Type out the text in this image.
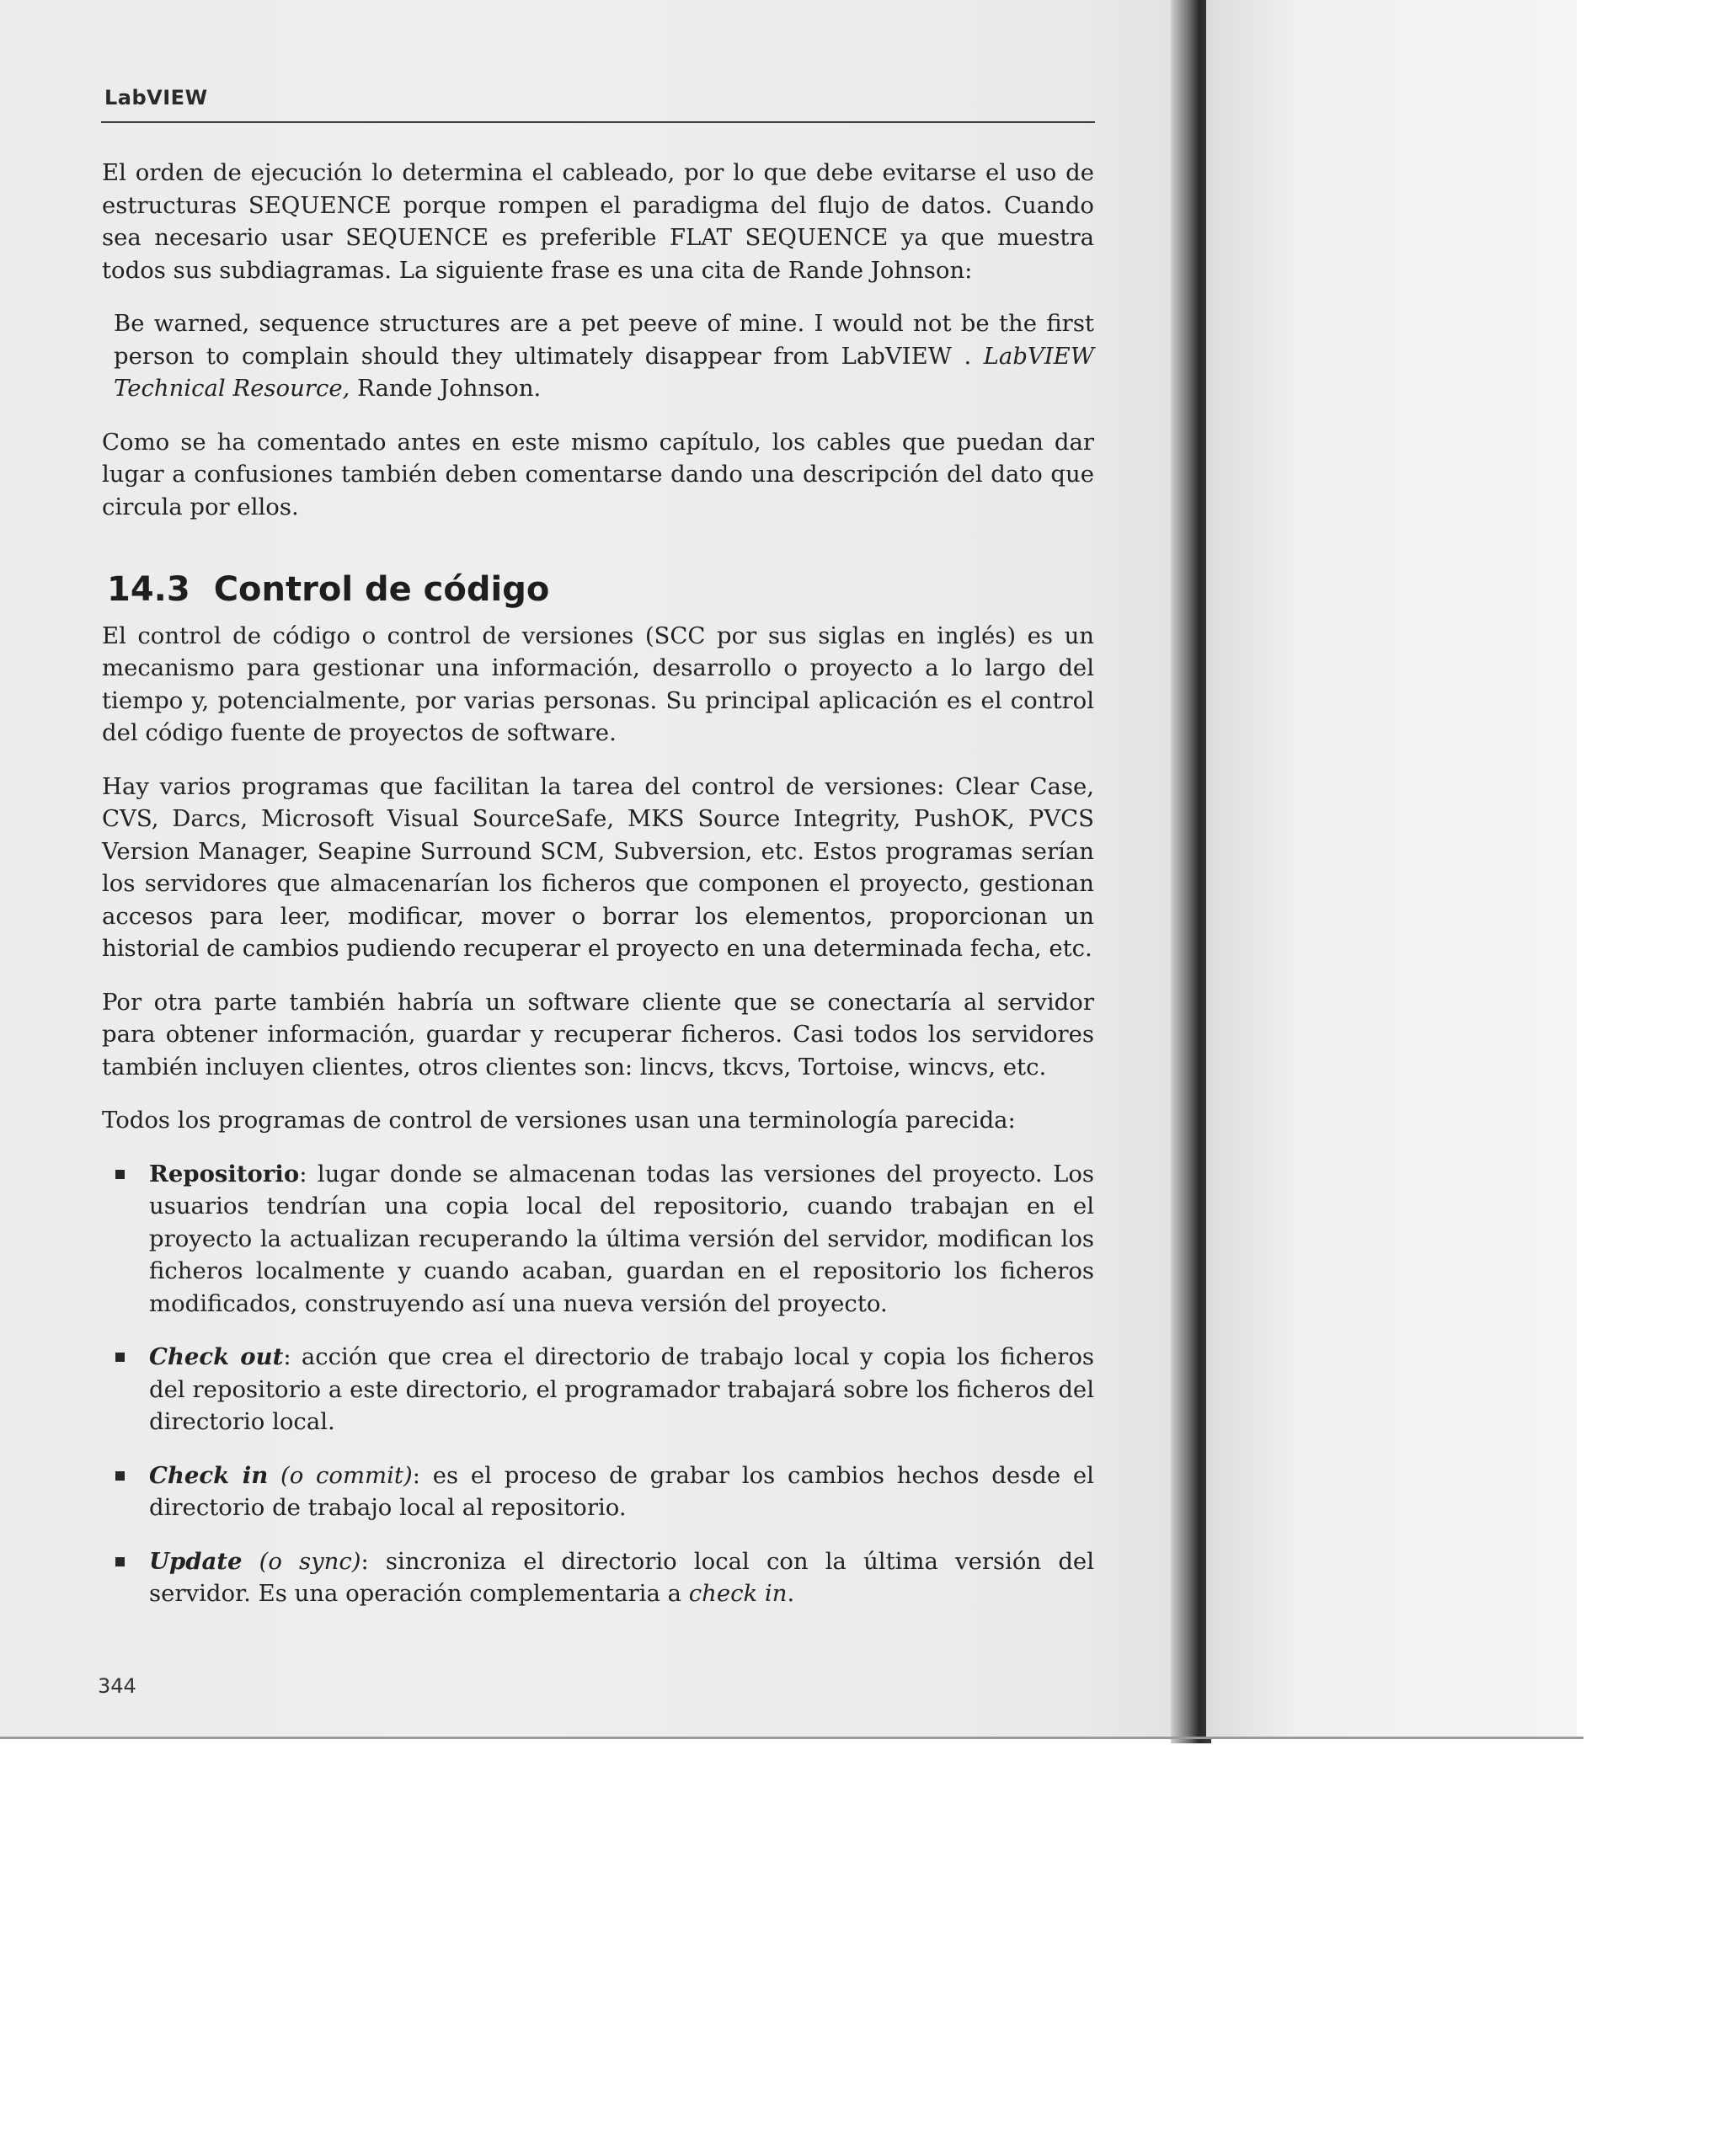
LabVIEW

El orden de ejecución lo determina el cableado, por lo que debe evitarse el uso de estructuras SEQUENCE porque rompen el paradigma del flujo de datos. Cuando sea necesario usar SEQUENCE es preferible FLAT SEQUENCE ya que muestra todos sus subdiagramas. La siguiente frase es una cita de Rande Johnson:

Be warned, sequence structures are a pet peeve of mine. I would not be the first person to complain should they ultimately disappear from LabVIEW . LabVIEW Technical Resource, Rande Johnson.

Como se ha comentado antes en este mismo capítulo, los cables que puedan dar lugar a confusiones también deben comentarse dando una descripción del dato que circula por ellos.

14.3 Control de código

El control de código o control de versiones (SCC por sus siglas en inglés) es un mecanismo para gestionar una información, desarrollo o proyecto a lo largo del tiempo y, potencialmente, por varias personas. Su principal aplicación es el control del código fuente de proyectos de software.

Hay varios programas que facilitan la tarea del control de versiones: Clear Case, CVS, Darcs, Microsoft Visual SourceSafe, MKS Source Integrity, PushOK, PVCS Version Manager, Seapine Surround SCM, Subversion, etc. Estos programas serían los servidores que almacenarían los ficheros que componen el proyecto, gestionan accesos para leer, modificar, mover o borrar los elementos, proporcionan un historial de cambios pudiendo recuperar el proyecto en una determinada fecha, etc.

Por otra parte también habría un software cliente que se conectaría al servidor para obtener información, guardar y recuperar ficheros. Casi todos los servidores también incluyen clientes, otros clientes son: lincvs, tkcvs, Tortoise, wincvs, etc.

Todos los programas de control de versiones usan una terminología parecida:

Repositorio: lugar donde se almacenan todas las versiones del proyecto. Los usuarios tendrían una copia local del repositorio, cuando trabajan en el proyecto la actualizan recuperando la última versión del servidor, modifican los ficheros localmente y cuando acaban, guardan en el repositorio los ficheros modificados, construyendo así una nueva versión del proyecto.
Check out: acción que crea el directorio de trabajo local y copia los ficheros del repositorio a este directorio, el programador trabajará sobre los ficheros del directorio local.
Check in (o commit): es el proceso de grabar los cambios hechos desde el directorio de trabajo local al repositorio.
Update (o sync): sincroniza el directorio local con la última versión del servidor. Es una operación complementaria a check in.
344
